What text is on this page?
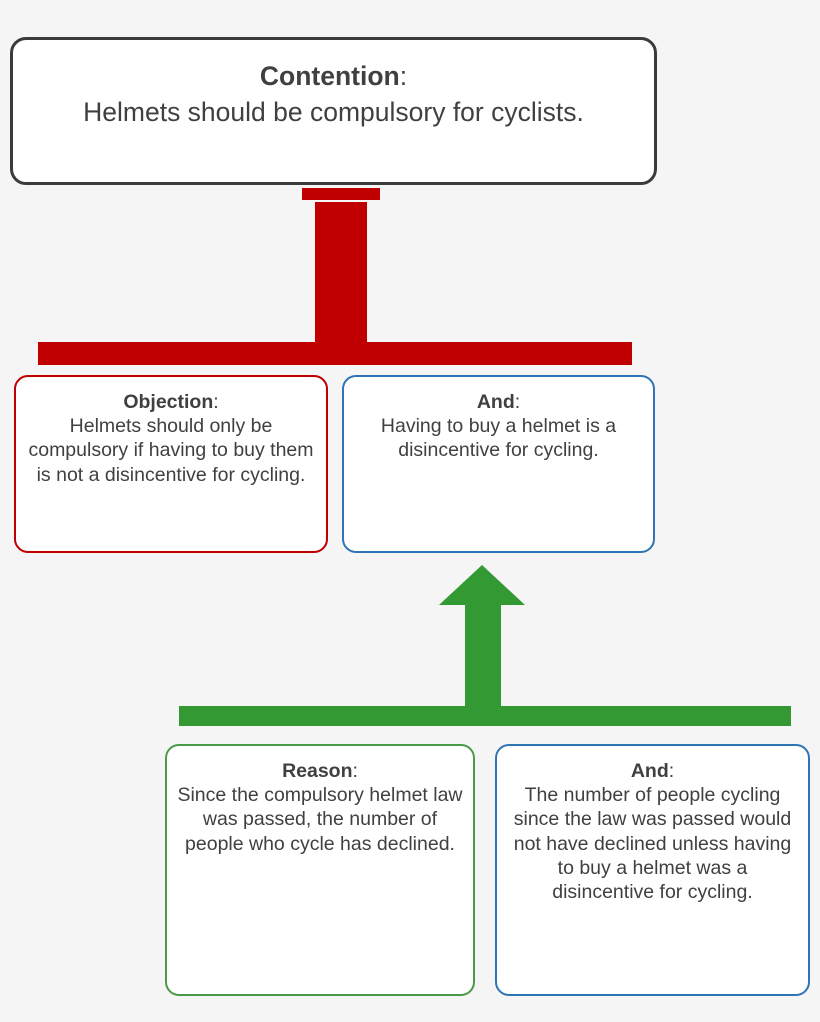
Contention:
Helmets should be compulsory for cyclists.
Objection:
Helmets should only be compulsory if having to buy them is not a disincentive for cycling.
And:
Having to buy a helmet is a disincentive for cycling.
Reason:
Since the compulsory helmet law was passed, the number of people who cycle has declined.
And:
The number of people cycling since the law was passed would not have declined unless having to buy a helmet was a disincentive for cycling.
